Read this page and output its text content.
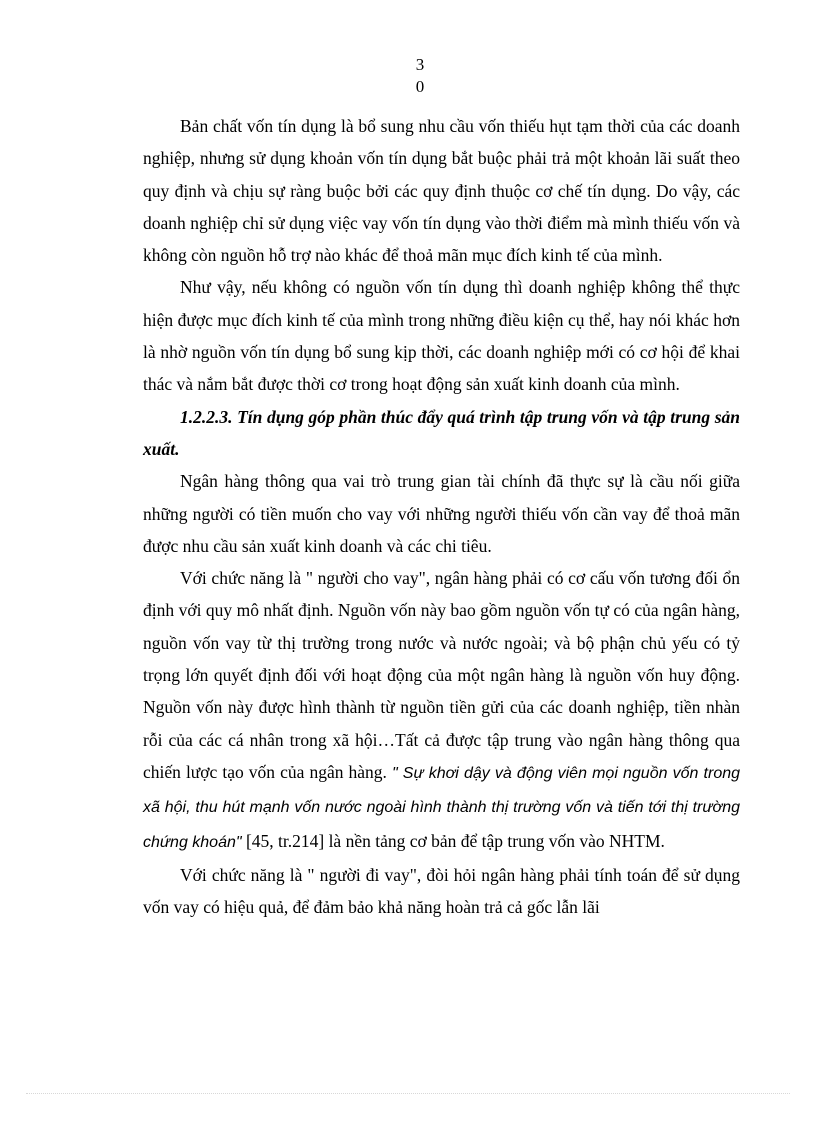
3
0

Bản chất vốn tín dụng là bổ sung nhu cầu vốn thiếu hụt tạm thời của các doanh nghiệp, nhưng sử dụng khoản vốn tín dụng bắt buộc phải trả một khoản lãi suất theo quy định và chịu sự ràng buộc bởi các quy định thuộc cơ chế tín dụng. Do vậy, các doanh nghiệp chỉ sử dụng việc vay vốn tín dụng vào thời điểm mà mình thiếu vốn và không còn nguồn hỗ trợ nào khác để thoả mãn mục đích kinh tế của mình.

Như vậy, nếu không có nguồn vốn tín dụng thì doanh nghiệp không thể thực hiện được mục đích kinh tế của mình trong những điều kiện cụ thể, hay nói khác hơn là nhờ nguồn vốn tín dụng bổ sung kịp thời, các doanh nghiệp mới có cơ hội để khai thác và nắm bắt được thời cơ trong hoạt động sản xuất kinh doanh của mình.

1.2.2.3. Tín dụng góp phần thúc đẩy quá trình tập trung vốn và tập trung sản xuất.

Ngân hàng thông qua vai trò trung gian tài chính đã thực sự là cầu nối giữa những người có tiền muốn cho vay với những người thiếu vốn cần vay để thoả mãn được nhu cầu sản xuất kinh doanh và các chi tiêu.

Với chức năng là " người cho vay", ngân hàng phải có cơ cấu vốn tương đối ổn định với quy mô nhất định. Nguồn vốn này bao gồm nguồn vốn tự có của ngân hàng, nguồn vốn vay từ thị trường trong nước và nước ngoài; và bộ phận chủ yếu có tỷ trọng lớn quyết định đối với hoạt động của một ngân hàng là nguồn vốn huy động. Nguồn vốn này được hình thành từ nguồn tiền gửi của các doanh nghiệp, tiền nhàn rỗi của các cá nhân trong xã hội…Tất cả được tập trung vào ngân hàng thông qua chiến lược tạo vốn của ngân hàng. " Sự khơi dậy và động viên mọi nguồn vốn trong xã hội, thu hút mạnh vốn nước ngoài hình thành thị trường vốn và tiến tới thị trường chứng khoán" [45, tr.214] là nền tảng cơ bản để tập trung vốn vào NHTM.

Với chức năng là " người đi vay", đòi hỏi ngân hàng phải tính toán để sử dụng vốn vay có hiệu quả, để đảm bảo khả năng hoàn trả cả gốc lẫn lãi
